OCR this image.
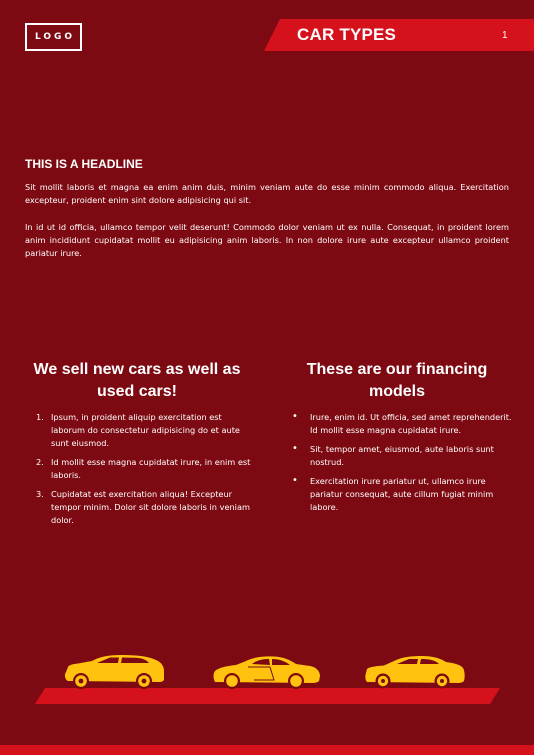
LOGO	CAR TYPES	1
THIS IS A HEADLINE

Sit mollit laboris et magna ea enim anim duis, minim veniam aute do esse minim commodo aliqua. Exercitation excepteur, proident enim sint dolore adipisicing qui sit.

In id ut id officia, ullamco tempor velit deserunt! Commodo dolor veniam ut ex nulla. Consequat, in proident lorem anim incididunt cupidatat mollit eu adipisicing anim laboris. In non dolore irure aute excepteur ullamco proident pariatur irure.

We sell new cars as well as used cars!
These are our financing models
1. Ipsum, in proident aliquip exercitation est laborum do consectetur adipisicing do et aute sunt eiusmod.
2. Id mollit esse magna cupidatat irure, in enim est laboris.
3. Cupidatat est exercitation aliqua! Excepteur tempor minim. Dolor sit dolore laboris in veniam dolor.
•	Irure, enim id. Ut officia, sed amet reprehenderit. Id mollit esse magna cupidatat irure.
•	Sit, tempor amet, eiusmod, aute laboris sunt nostrud.
•	Exercitation irure pariatur ut, ullamco irure pariatur consequat, aute cillum fugiat minim labore.
